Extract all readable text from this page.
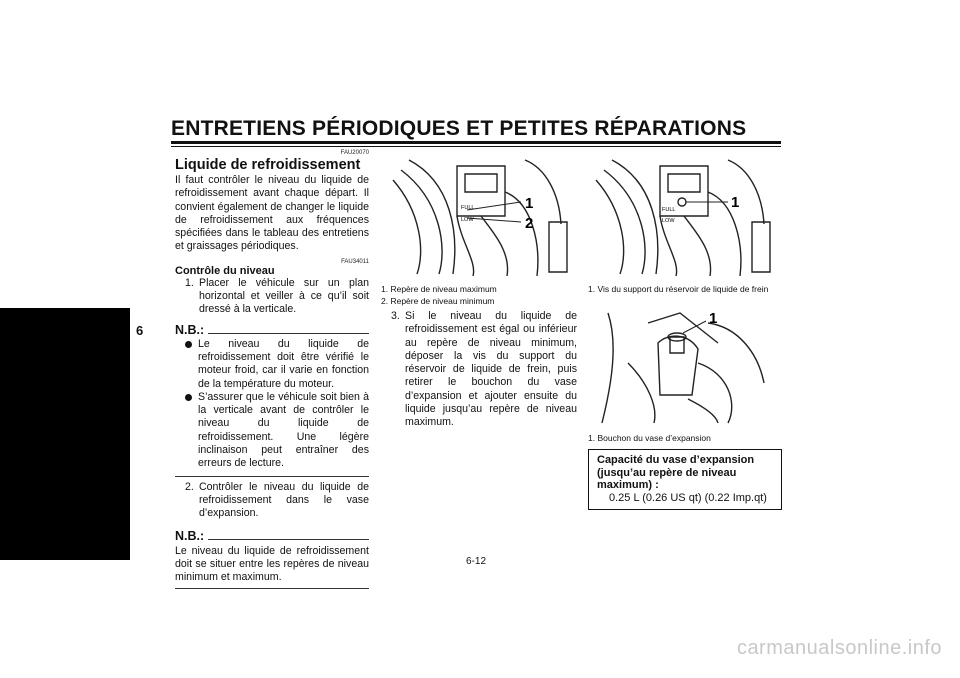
ENTRETIENS PÉRIODIQUES ET PETITES RÉPARATIONS
6
FAU20070
Liquide de refroidissement
Il faut contrôler le niveau du liquide de refroidissement avant chaque départ. Il convient également de changer le liquide de refroidissement aux fréquences spécifiées dans le tableau des entretiens et graissages périodiques.
FAU34011
Contrôle du niveau
1. Placer le véhicule sur un plan horizontal et veiller à ce qu’il soit dressé à la verticale.
N.B.:
Le niveau du liquide de refroidissement doit être vérifié le moteur froid, car il varie en fonction de la température du moteur.
S’assurer que le véhicule soit bien à la verticale avant de contrôler le niveau du liquide de refroidissement. Une légère inclinaison peut entraîner des erreurs de lecture.
2. Contrôler le niveau du liquide de refroidissement dans le vase d’expansion.
N.B.:
Le niveau du liquide de refroidissement doit se situer entre les repères de niveau minimum et maximum.
FULL
LOW
1
2
1. Repère de niveau maximum
2. Repère de niveau minimum
3. Si le niveau du liquide de refroidissement est égal ou inférieur au repère de niveau minimum, déposer la vis du support du réservoir de liquide de frein, puis retirer le bouchon du vase d’expansion et ajouter ensuite du liquide jusqu’au repère de niveau maximum.
FULL
LOW
1
1. Vis du support du réservoir de liquide de frein
1
1. Bouchon du vase d’expansion
Capacité du vase d’expansion (jusqu’au repère de niveau maximum) :
0.25 L (0.26 US qt) (0.22 Imp.qt)
6-12
carmanualsonline.info
